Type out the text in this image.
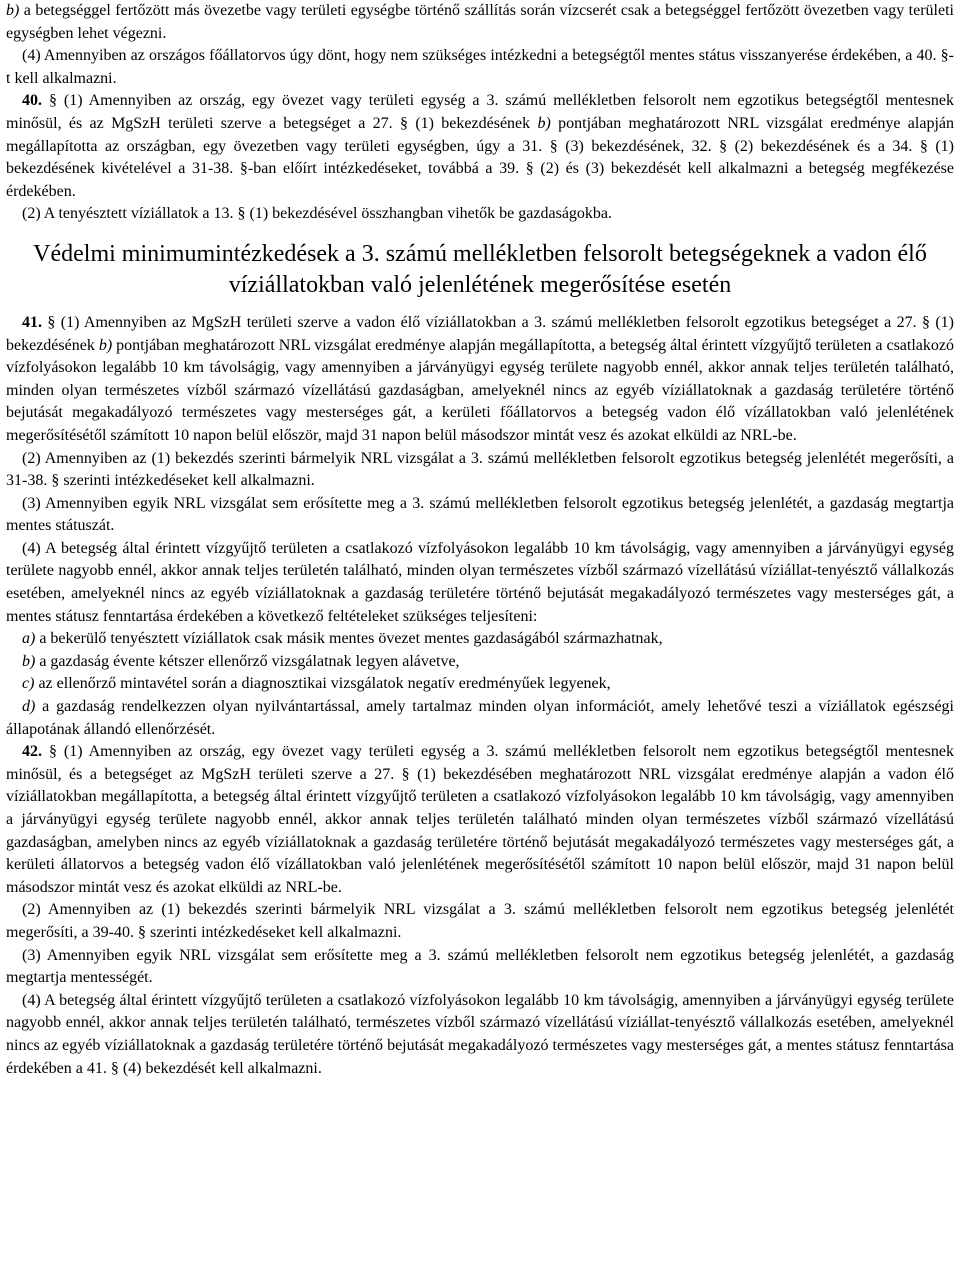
b) a betegséggel fertőzött más övezetbe vagy területi egységbe történő szállítás során vízcserét csak a betegséggel fertőzött övezetben vagy területi egységben lehet végezni.

(4) Amennyiben az országos főállatorvos úgy dönt, hogy nem szükséges intézkedni a betegségtől mentes státus visszanyerése érdekében, a 40. §-t kell alkalmazni.

40. § (1) Amennyiben az ország, egy övezet vagy területi egység a 3. számú mellékletben felsorolt nem egzotikus betegségtől mentesnek minősül, és az MgSzH területi szerve a betegséget a 27. § (1) bekezdésének b) pontjában meghatározott NRL vizsgálat eredménye alapján megállapította az országban, egy övezetben vagy területi egységben, úgy a 31. § (3) bekezdésének, 32. § (2) bekezdésének és a 34. § (1) bekezdésének kivételével a 31-38. §-ban előírt intézkedéseket, továbbá a 39. § (2) és (3) bekezdését kell alkalmazni a betegség megfékezése érdekében.

(2) A tenyésztett víziállatok a 13. § (1) bekezdésével összhangban vihetők be gazdaságokba.

Védelmi minimumintézkedések a 3. számú mellékletben felsorolt betegségeknek a vadon élő víziállatokban való jelenlétének megerősítése esetén

41. § (1) Amennyiben az MgSzH területi szerve a vadon élő víziállatokban a 3. számú mellékletben felsorolt egzotikus betegséget a 27. § (1) bekezdésének b) pontjában meghatározott NRL vizsgálat eredménye alapján megállapította, a betegség által érintett vízgyűjtő területen a csatlakozó vízfolyásokon legalább 10 km távolságig, vagy amennyiben a járványügyi egység területe nagyobb ennél, akkor annak teljes területén található, minden olyan természetes vízből származó vízellátású gazdaságban, amelyeknél nincs az egyéb víziállatoknak a gazdaság területére történő bejutását megakadályozó természetes vagy mesterséges gát, a kerületi főállatorvos a betegség vadon élő vízállatokban való jelenlétének megerősítésétől számított 10 napon belül először, majd 31 napon belül másodszor mintát vesz és azokat elküldi az NRL-be.

(2) Amennyiben az (1) bekezdés szerinti bármelyik NRL vizsgálat a 3. számú mellékletben felsorolt egzotikus betegség jelenlétét megerősíti, a 31-38. § szerinti intézkedéseket kell alkalmazni.

(3) Amennyiben egyik NRL vizsgálat sem erősítette meg a 3. számú mellékletben felsorolt egzotikus betegség jelenlétét, a gazdaság megtartja mentes státuszát.

(4) A betegség által érintett vízgyűjtő területen a csatlakozó vízfolyásokon legalább 10 km távolságig, vagy amennyiben a járványügyi egység területe nagyobb ennél, akkor annak teljes területén található, minden olyan természetes vízből származó vízellátású víziállat-tenyésztő vállalkozás esetében, amelyeknél nincs az egyéb víziállatoknak a gazdaság területére történő bejutását megakadályozó természetes vagy mesterséges gát, a mentes státusz fenntartása érdekében a következő feltételeket szükséges teljesíteni:

a) a bekerülő tenyésztett víziállatok csak másik mentes övezet mentes gazdaságából származhatnak,

b) a gazdaság évente kétszer ellenőrző vizsgálatnak legyen alávetve,

c) az ellenőrző mintavétel során a diagnosztikai vizsgálatok negatív eredményűek legyenek,

d) a gazdaság rendelkezzen olyan nyilvántartással, amely tartalmaz minden olyan információt, amely lehetővé teszi a víziállatok egészségi állapotának állandó ellenőrzését.

42. § (1) Amennyiben az ország, egy övezet vagy területi egység a 3. számú mellékletben felsorolt nem egzotikus betegségtől mentesnek minősül, és a betegséget az MgSzH területi szerve a 27. § (1) bekezdésében meghatározott NRL vizsgálat eredménye alapján a vadon élő víziállatokban megállapította, a betegség által érintett vízgyűjtő területen a csatlakozó vízfolyásokon legalább 10 km távolságig, vagy amennyiben a járványügyi egység területe nagyobb ennél, akkor annak teljes területén található minden olyan természetes vízből származó vízellátású gazdaságban, amelyben nincs az egyéb víziállatoknak a gazdaság területére történő bejutását megakadályozó természetes vagy mesterséges gát, a kerületi állatorvos a betegség vadon élő vízállatokban való jelenlétének megerősítésétől számított 10 napon belül először, majd 31 napon belül másodszor mintát vesz és azokat elküldi az NRL-be.

(2) Amennyiben az (1) bekezdés szerinti bármelyik NRL vizsgálat a 3. számú mellékletben felsorolt nem egzotikus betegség jelenlétét megerősíti, a 39-40. § szerinti intézkedéseket kell alkalmazni.

(3) Amennyiben egyik NRL vizsgálat sem erősítette meg a 3. számú mellékletben felsorolt nem egzotikus betegség jelenlétét, a gazdaság megtartja mentességét.

(4) A betegség által érintett vízgyűjtő területen a csatlakozó vízfolyásokon legalább 10 km távolságig, amennyiben a járványügyi egység területe nagyobb ennél, akkor annak teljes területén található, természetes vízből származó vízellátású víziállat-tenyésztő vállalkozás esetében, amelyeknél nincs az egyéb víziállatoknak a gazdaság területére történő bejutását megakadályozó természetes vagy mesterséges gát, a mentes státusz fenntartása érdekében a 41. § (4) bekezdését kell alkalmazni.
